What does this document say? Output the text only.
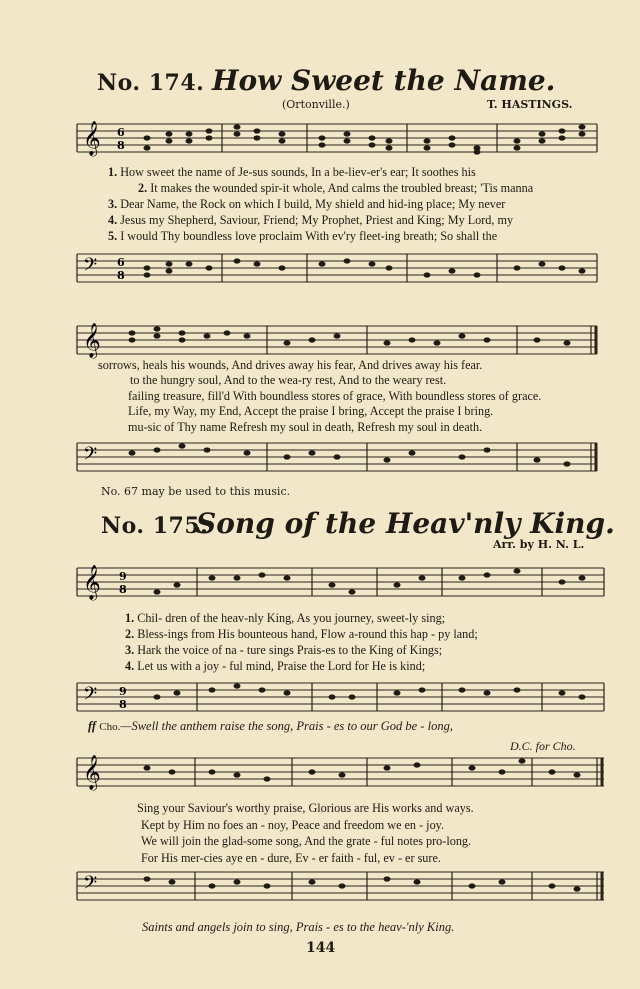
No. 174. How Sweet the Name.
(Ortonville.)	T. HASTINGS.
𝄞 6
8
1. How sweet the name of Je-sus sounds, In a be-liev-er's ear; It soothes his
2. It makes the wounded spir-it whole, And calms the troubled breast; 'Tis manna
3. Dear Name, the Rock on which I build, My shield and hid-ing place; My never
4. Jesus my Shepherd, Saviour, Friend; My Prophet, Priest and King; My Lord, my
5. I would Thy boundless love proclaim With ev'ry fleet-ing breath; So shall the
𝄢 6
8
𝄞
sorrows, heals his wounds, And drives away his fear, And drives away his fear.
to the hungry soul, And to the wea-ry rest, And to the weary rest.
failing treasure, fill'd With boundless stores of grace, With boundless stores of grace.
Life, my Way, my End, Accept the praise I bring, Accept the praise I bring.
mu-sic of Thy name Refresh my soul in death, Refresh my soul in death.
𝄢
No. 67 may be used to this music.
No. 175.
Song of the Heav'nly King.
Arr. by H. N. L.
𝄞 9
8
1. Chil- dren of the heav-nly King, As you journey, sweet-ly sing;
2. Bless-ings from His bounteous hand, Flow a-round this hap - py land;
3. Hark the voice of na - ture sings Prais-es to the King of Kings;
4. Let us with a joy - ful mind, Praise the Lord for He is kind;
𝄢 9
8
ff Cho.—Swell the anthem raise the song, Prais - es to our God be - long,
D.C. for Cho.
𝄞
Sing your Saviour's worthy praise, Glorious are His works and ways.
Kept by Him no foes an - noy, Peace and freedom we en - joy.
We will join the glad-some song, And the grate - ful notes pro-long.
For His mer-cies aye en - dure, Ev - er faith - ful, ev - er sure.
𝄢
Saints and angels join to sing, Prais - es to the heav-'nly King.
144
